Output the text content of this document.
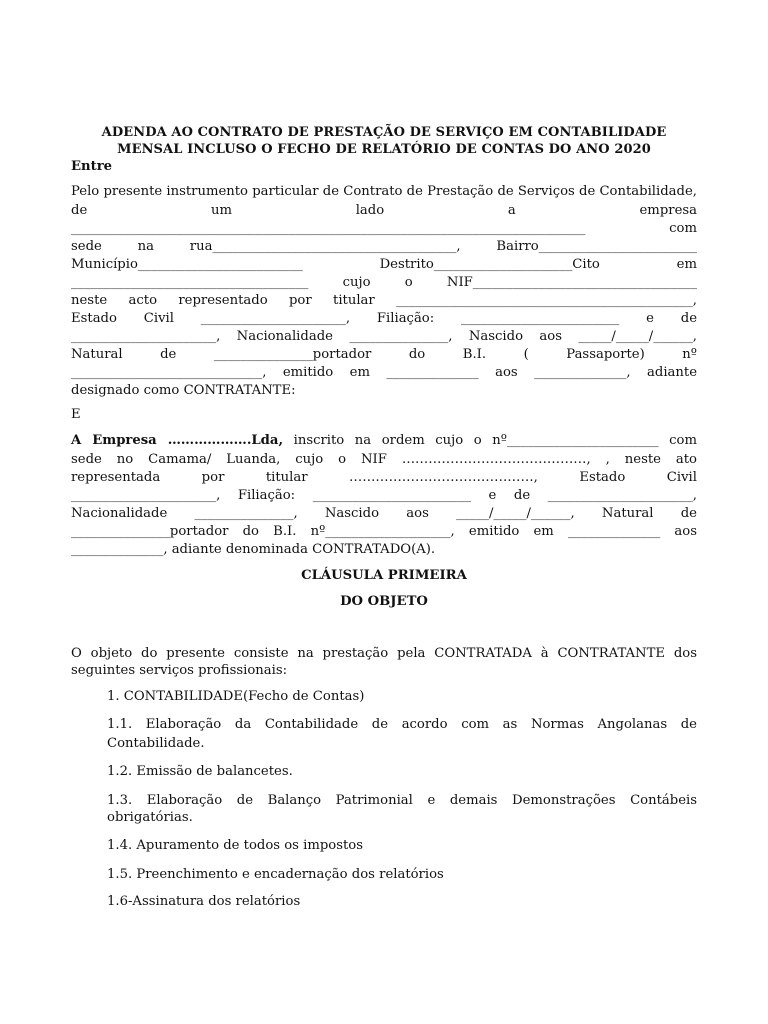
ADENDA AO CONTRATO DE PRESTAÇÃO DE SERVIÇO EM CONTABILIDADE
MENSAL INCLUSO O FECHO DE RELATÓRIO DE CONTAS DO ANO 2020
Entre
Pelo presente instrumento particular de Contrato de Prestação de Serviços de Contabilidade,
de um lado a empresa
______________________________________________________________________________ com
sede na rua_____________________________________, Bairro________________________
Município_________________________ Destrito_____________________Cito em
____________________________________ cujo o NIF__________________________________
neste acto representado por titular _____________________________________________,
Estado Civil ______________________, Filiação: ________________________ e de
______________________, Nacionalidade _______________, Nascido aos _____/_____/______,
Natural de _______________portador do B.I. ( Passaporte) nº
_____________________________, emitido em ______________ aos ______________, adiante
designado como CONTRATANTE:
E
A Empresa ……………….Lda, inscrito na ordem cujo o nº_______________________ com
sede no Camama/ Luanda, cujo o NIF ……………………………………, , neste ato
representada por titular ……………………………………, Estado Civil
______________________, Filiação: ________________________ e de ______________________,
Nacionalidade _______________, Nascido aos _____/_____/______, Natural de
_______________portador do B.I. nº___________________, emitido em ______________ aos
______________, adiante denominada CONTRATADO(A).
CLÁUSULA PRIMEIRA
DO OBJETO
O objeto do presente consiste na prestação pela CONTRATADA à CONTRATANTE dos
seguintes serviços profissionais:
1. CONTABILIDADE(Fecho de Contas)
1.1. Elaboração da Contabilidade de acordo com as Normas Angolanas de
Contabilidade.
1.2. Emissão de balancetes.
1.3. Elaboração de Balanço Patrimonial e demais Demonstrações Contábeis
obrigatórias.
1.4. Apuramento de todos os impostos
1.5. Preenchimento e encadernação dos relatórios
1.6-Assinatura dos relatórios
